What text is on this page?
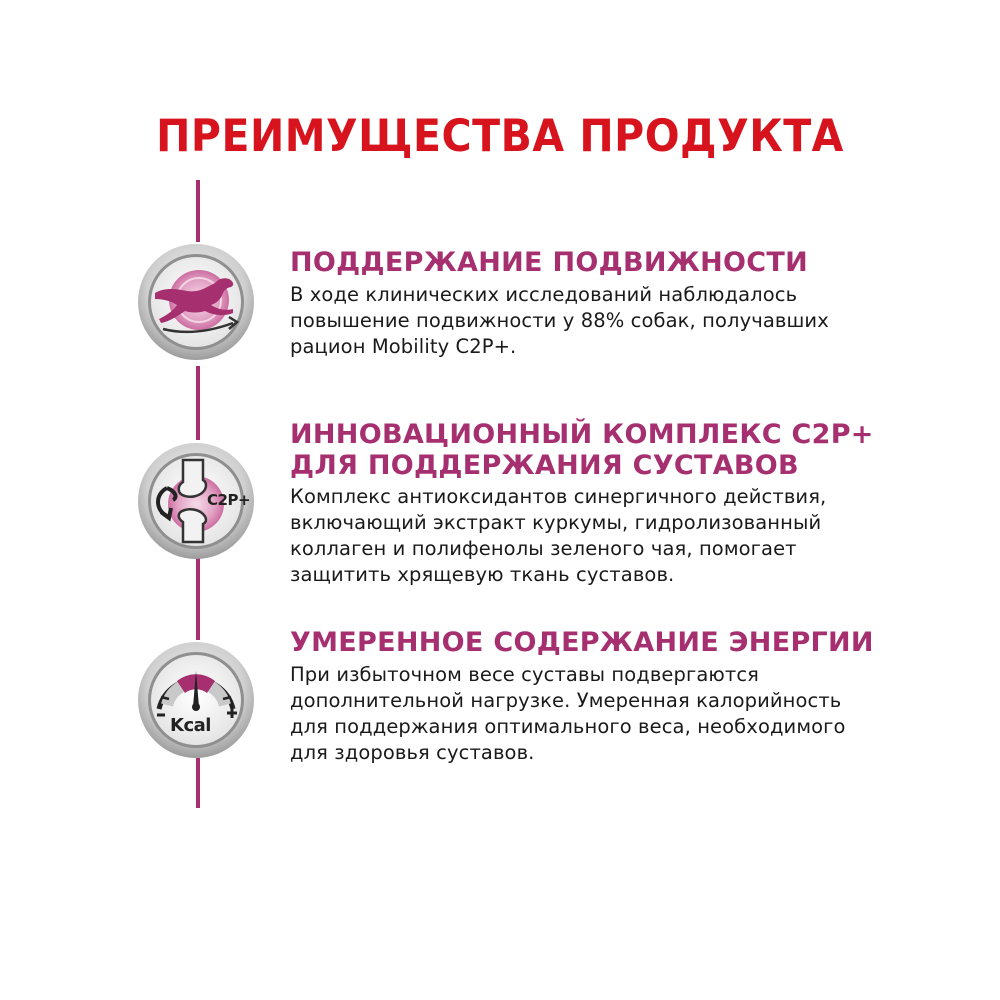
ПРЕИМУЩЕСТВА ПРОДУКТА
C2P+
Kcal

ПОДДЕРЖАНИЕ ПОДВИЖНОСТИ

В ходе клинических исследований наблюдалось
повышение подвижности у 88% собак, получавших
рацион Mobility C2P+.

ИННОВАЦИОННЫЙ КОМПЛЕКС C2P+
ДЛЯ ПОДДЕРЖАНИЯ СУСТАВОВ

Комплекс антиоксидантов синергичного действия,
включающий экстракт куркумы, гидролизованный
коллаген и полифенолы зеленого чая, помогает
защитить хрящевую ткань суставов.

УМЕРЕННОЕ СОДЕРЖАНИЕ ЭНЕРГИИ

При избыточном весе суставы подвергаются
дополнительной нагрузке. Умеренная калорийность
для поддержания оптимального веса, необходимого
для здоровья суставов.
